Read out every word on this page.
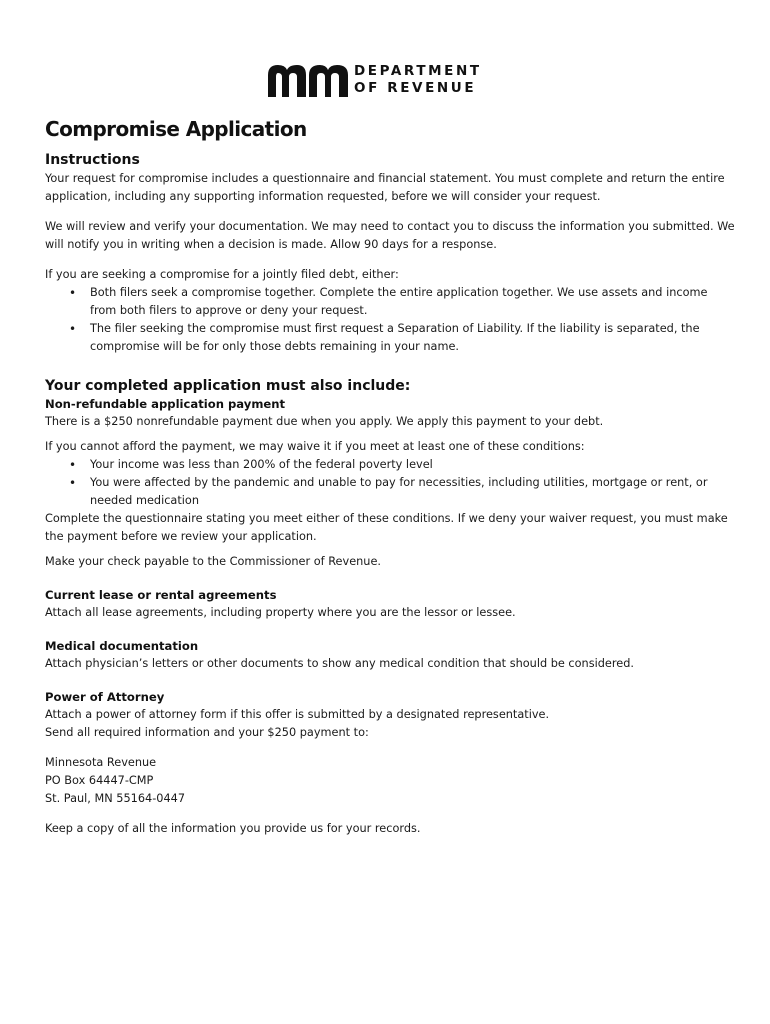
DEPARTMENT
OF REVENUE
Compromise Application
Instructions

Your request for compromise includes a questionnaire and financial statement. You must complete and return the entire application, including any supporting information requested, before we will consider your request.

We will review and verify your documentation. We may need to contact you to discuss the information you submitted. We will notify you in writing when a decision is made. Allow 90 days for a response.

If you are seeking a compromise for a jointly filed debt, either:

• Both filers seek a compromise together. Complete the entire application together. We use assets and income from both filers to approve or deny your request.
• The filer seeking the compromise must first request a Separation of Liability. If the liability is separated, the compromise will be for only those debts remaining in your name.
Your completed application must also include:
Non-refundable application payment

There is a $250 nonrefundable payment due when you apply. We apply this payment to your debt.

If you cannot afford the payment, we may waive it if you meet at least one of these conditions:

• Your income was less than 200% of the federal poverty level
• You were affected by the pandemic and unable to pay for necessities, including utilities, mortgage or rent, or needed medication

Complete the questionnaire stating you meet either of these conditions. If we deny your waiver request, you must make the payment before we review your application.

Make your check payable to the Commissioner of Revenue.

Current lease or rental agreements

Attach all lease agreements, including property where you are the lessor or lessee.

Medical documentation

Attach physician’s letters or other documents to show any medical condition that should be considered.

Power of Attorney

Attach a power of attorney form if this offer is submitted by a designated representative.

Send all required information and your $250 payment to:

Minnesota Revenue

PO Box 64447-CMP

St. Paul, MN 55164-0447

Keep a copy of all the information you provide us for your records.
